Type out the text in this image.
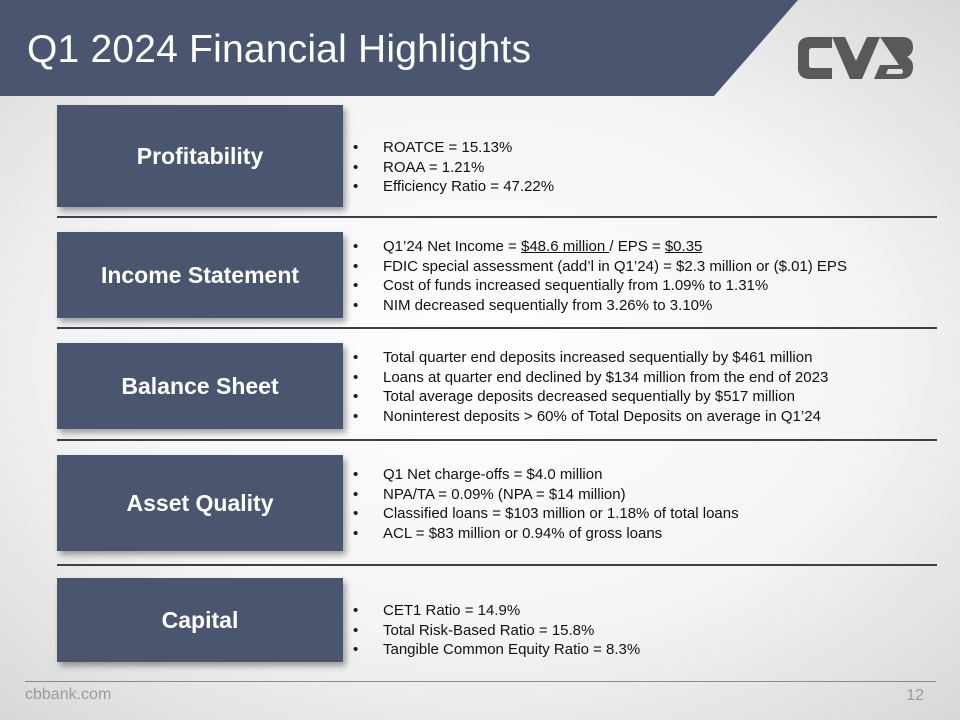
Q1 2024 Financial Highlights
Profitability	• ROATCE = 15.13%
• ROAA = 1.21%
• Efficiency Ratio = 47.22%
Income Statement
• Q1’24 Net Income = $48.6 million / EPS = $0.35
• FDIC special assessment (add’l in Q1’24) = $2.3 million or ($.01) EPS
• Cost of funds increased sequentially from 1.09% to 1.31%
• NIM decreased sequentially from 3.26% to 3.10%
Balance Sheet
• Total quarter end deposits increased sequentially by $461 million
• Loans at quarter end declined by $134 million from the end of 2023
• Total average deposits decreased sequentially by $517 million
• Noninterest deposits > 60% of Total Deposits on average in Q1’24
Asset Quality
• Q1 Net charge-offs = $4.0 million
• NPA/TA = 0.09% (NPA = $14 million)
• Classified loans = $103 million or 1.18% of total loans
• ACL = $83 million or 0.94% of gross loans
Capital	• CET1 Ratio = 14.9%
• Total Risk-Based Ratio = 15.8%
• Tangible Common Equity Ratio = 8.3%
cbbank.com	12
